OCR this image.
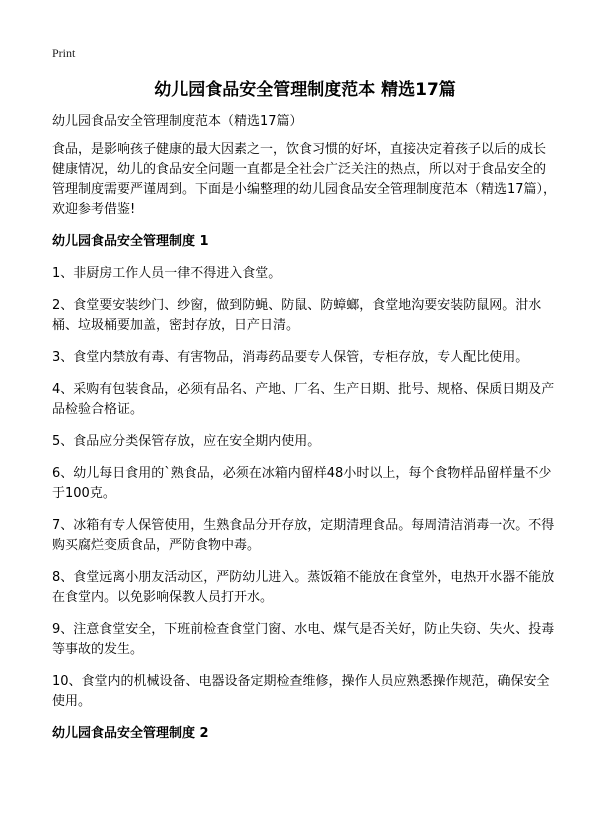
Print
幼儿园食品安全管理制度范本 精选17篇

幼儿园食品安全管理制度范本（精选17篇）

食品，是影响孩子健康的最大因素之一，饮食习惯的好坏，直接决定着孩子以后的成长健康情况，幼儿的食品安全问题一直都是全社会广泛关注的热点，所以对于食品安全的管理制度需要严谨周到。下面是小编整理的幼儿园食品安全管理制度范本（精选17篇），欢迎参考借鉴!

幼儿园食品安全管理制度 1

1、非厨房工作人员一律不得进入食堂。

2、食堂要安装纱门、纱窗，做到防蝇、防鼠、防蟑螂，食堂地沟要安装防鼠网。泔水桶、垃圾桶要加盖，密封存放，日产日清。

3、食堂内禁放有毒、有害物品，消毒药品要专人保管，专柜存放，专人配比使用。

4、采购有包装食品，必须有品名、产地、厂名、生产日期、批号、规格、保质日期及产品检验合格证。

5、食品应分类保管存放，应在安全期内使用。

6、幼儿每日食用的`熟食品，必须在冰箱内留样48小时以上，每个食物样品留样量不少于100克。

7、冰箱有专人保管使用，生熟食品分开存放，定期清理食品。每周清洁消毒一次。不得购买腐烂变质食品，严防食物中毒。

8、食堂远离小朋友活动区，严防幼儿进入。蒸饭箱不能放在食堂外，电热开水器不能放在食堂内。以免影响保教人员打开水。

9、注意食堂安全，下班前检查食堂门窗、水电、煤气是否关好，防止失窃、失火、投毒等事故的发生。

10、食堂内的机械设备、电器设备定期检查维修，操作人员应熟悉操作规范，确保安全使用。

幼儿园食品安全管理制度 2
